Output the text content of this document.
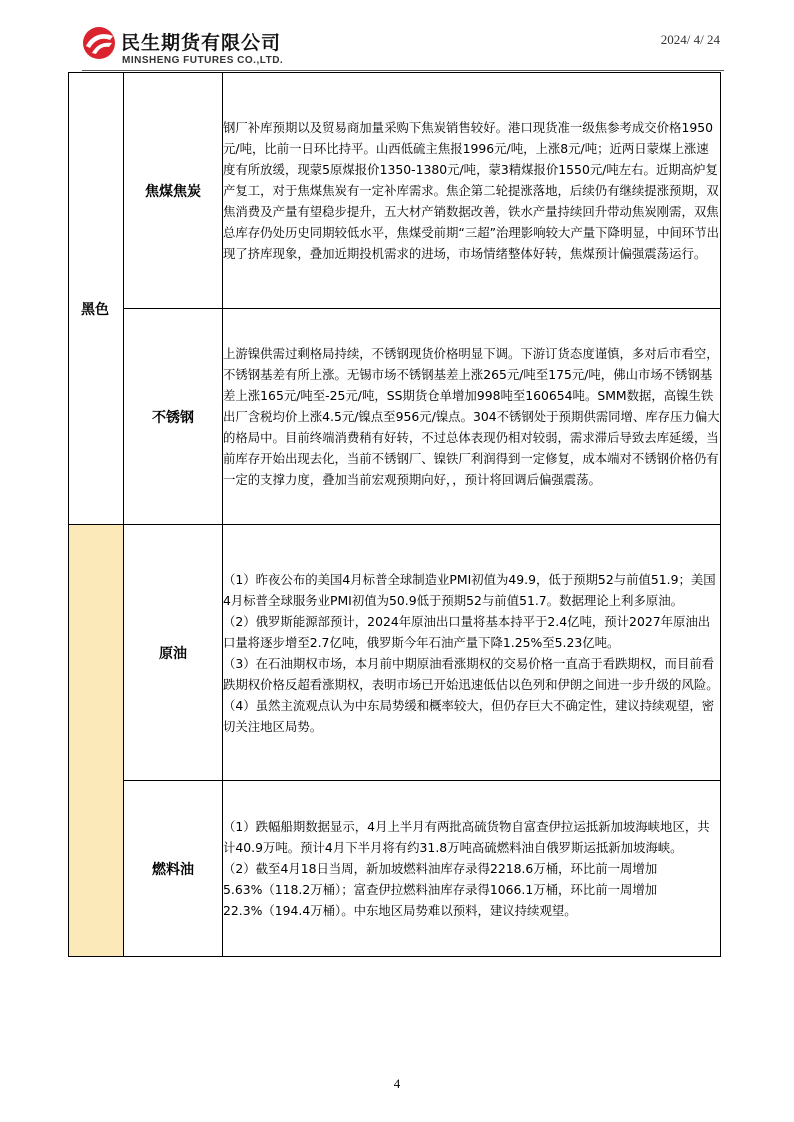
民生期货有限公司
MINSHENG FUTURES CO.,LTD.
2024/ 4/ 24
黑色	焦煤焦炭	钢厂补库预期以及贸易商加量采购下焦炭销售较好。港口现货准一级焦参考成交价格1950元/吨，比前一日环比持平。山西低硫主焦报1996元/吨，上涨8元/吨；近两日蒙煤上涨速度有所放缓，现蒙5原煤报价1350-1380元/吨，蒙3精煤报价1550元/吨左右。近期高炉复产复工，对于焦煤焦炭有一定补库需求。焦企第二轮提涨落地，后续仍有继续提涨预期，双焦消费及产量有望稳步提升，五大材产销数据改善，铁水产量持续回升带动焦炭刚需，双焦总库存仍处历史同期较低水平，焦煤受前期“三超”治理影响较大产量下降明显，中间环节出现了挤库现象，叠加近期投机需求的进场，市场情绪整体好转，焦煤预计偏强震荡运行。

	不锈钢	上游镍供需过剩格局持续，不锈钢现货价格明显下调。下游订货态度谨慎，多对后市看空，不锈钢基差有所上涨。无锡市场不锈钢基差上涨265元/吨至175元/吨，佛山市场不锈钢基差上涨165元/吨至-25元/吨，SS期货仓单增加998吨至160654吨。SMM数据，高镍生铁出厂含税均价上涨4.5元/镍点至956元/镍点。304不锈钢处于预期供需同增、库存压力偏大的格局中。目前终端消费稍有好转，不过总体表现仍相对较弱，需求滞后导致去库延缓，当前库存开始出现去化，当前不锈钢厂、镍铁厂利润得到一定修复，成本端对不锈钢价格仍有一定的支撑力度，叠加当前宏观预期向好，，预计将回调后偏强震荡。

	原油	（1）昨夜公布的美国4月标普全球制造业PMI初值为49.9，低于预期52与前值51.9；美国4月标普全球服务业PMI初值为50.9低于预期52与前值51.7。数据理论上利多原油。

（2）俄罗斯能源部预计，2024年原油出口量将基本持平于2.4亿吨，预计2027年原油出口量将逐步增至2.7亿吨，俄罗斯今年石油产量下降1.25%至5.23亿吨。

（3）在石油期权市场，本月前中期原油看涨期权的交易价格一直高于看跌期权，而目前看跌期权价格反超看涨期权，表明市场已开始迅速低估以色列和伊朗之间进一步升级的风险。

（4）虽然主流观点认为中东局势缓和概率较大，但仍存巨大不确定性，建议持续观望，密切关注地区局势。

	燃料油	（1）跌幅船期数据显示，4月上半月有两批高硫货物自富查伊拉运抵新加坡海峡地区，共计40.9万吨。预计4月下半月将有约31.8万吨高硫燃料油自俄罗斯运抵新加坡海峡。

（2）截至4月18日当周，新加坡燃料油库存录得2218.6万桶，环比前一周增加5.63%（118.2万桶）；富查伊拉燃料油库存录得1066.1万桶，环比前一周增加22.3%（194.4万桶）。中东地区局势难以预料，建议持续观望。

4
